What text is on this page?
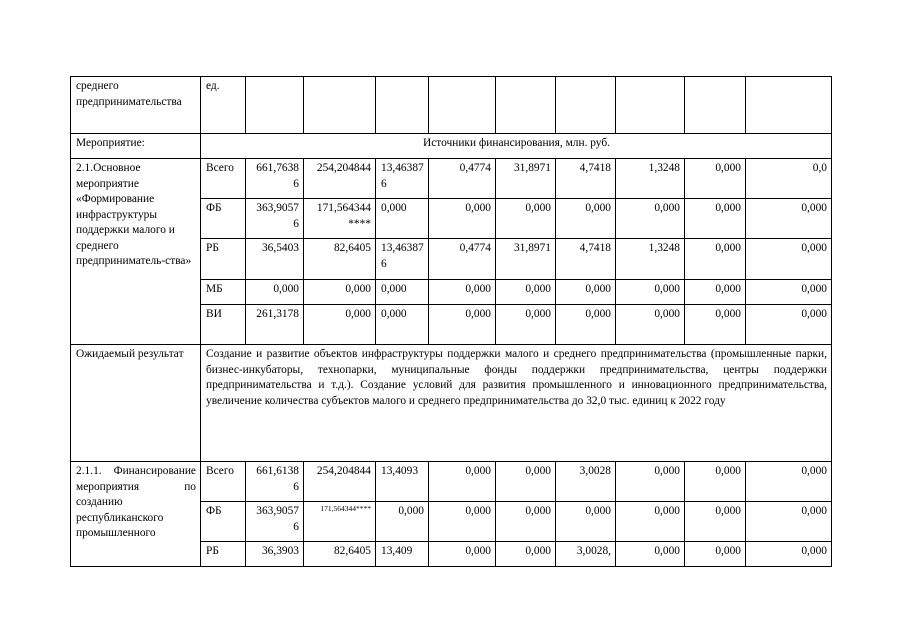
среднего предпринимательства	ед.									
Мероприятие:	Источники финансирования, млн. руб.									
2.1.Основное мероприятие «Формирование инфраструктуры поддержки малого и среднего предприниматель-ства»	Всего	661,76386	254,204844	13,463876	0,4774	31,8971	4,7418	1,3248	0,000	0,0
	ФБ	363,90576	171,564344 ****	0,000	0,000	0,000	0,000	0,000	0,000	0,000
	РБ	36,5403	82,6405	13,463876	0,4774	31,8971	4,7418	1,3248	0,000	0,000
	МБ	0,000	0,000	0,000	0,000	0,000	0,000	0,000	0,000	0,000
	ВИ	261,3178	0,000	0,000	0,000	0,000	0,000	0,000	0,000	0,000
Ожидаемый результат	Создание и развитие объектов инфраструктуры поддержки малого и среднего предпринимательства (промышленные парки, бизнес-инкубаторы, технопарки, муниципальные фонды поддержки предпринимательства, центры поддержки предпринимательства и т.д.). Создание условий для развития промышленного и инновационного предпринимательства, увеличение количества субъектов малого и среднего предпринимательства до 32,0 тыс. единиц к 2022 году									
2.1.1. Финансирование мероприятия по созданию республиканского промышленного	Всего	661,61386	254,204844	13,4093	0,000	0,000	3,0028	0,000	0,000	0,000
	ФБ	363,90576	171,564344****	0,000	0,000	0,000	0,000	0,000	0,000	0,000
	РБ	36,3903	82,6405	13,409	0,000	0,000	3,0028,	0,000	0,000	0,000
